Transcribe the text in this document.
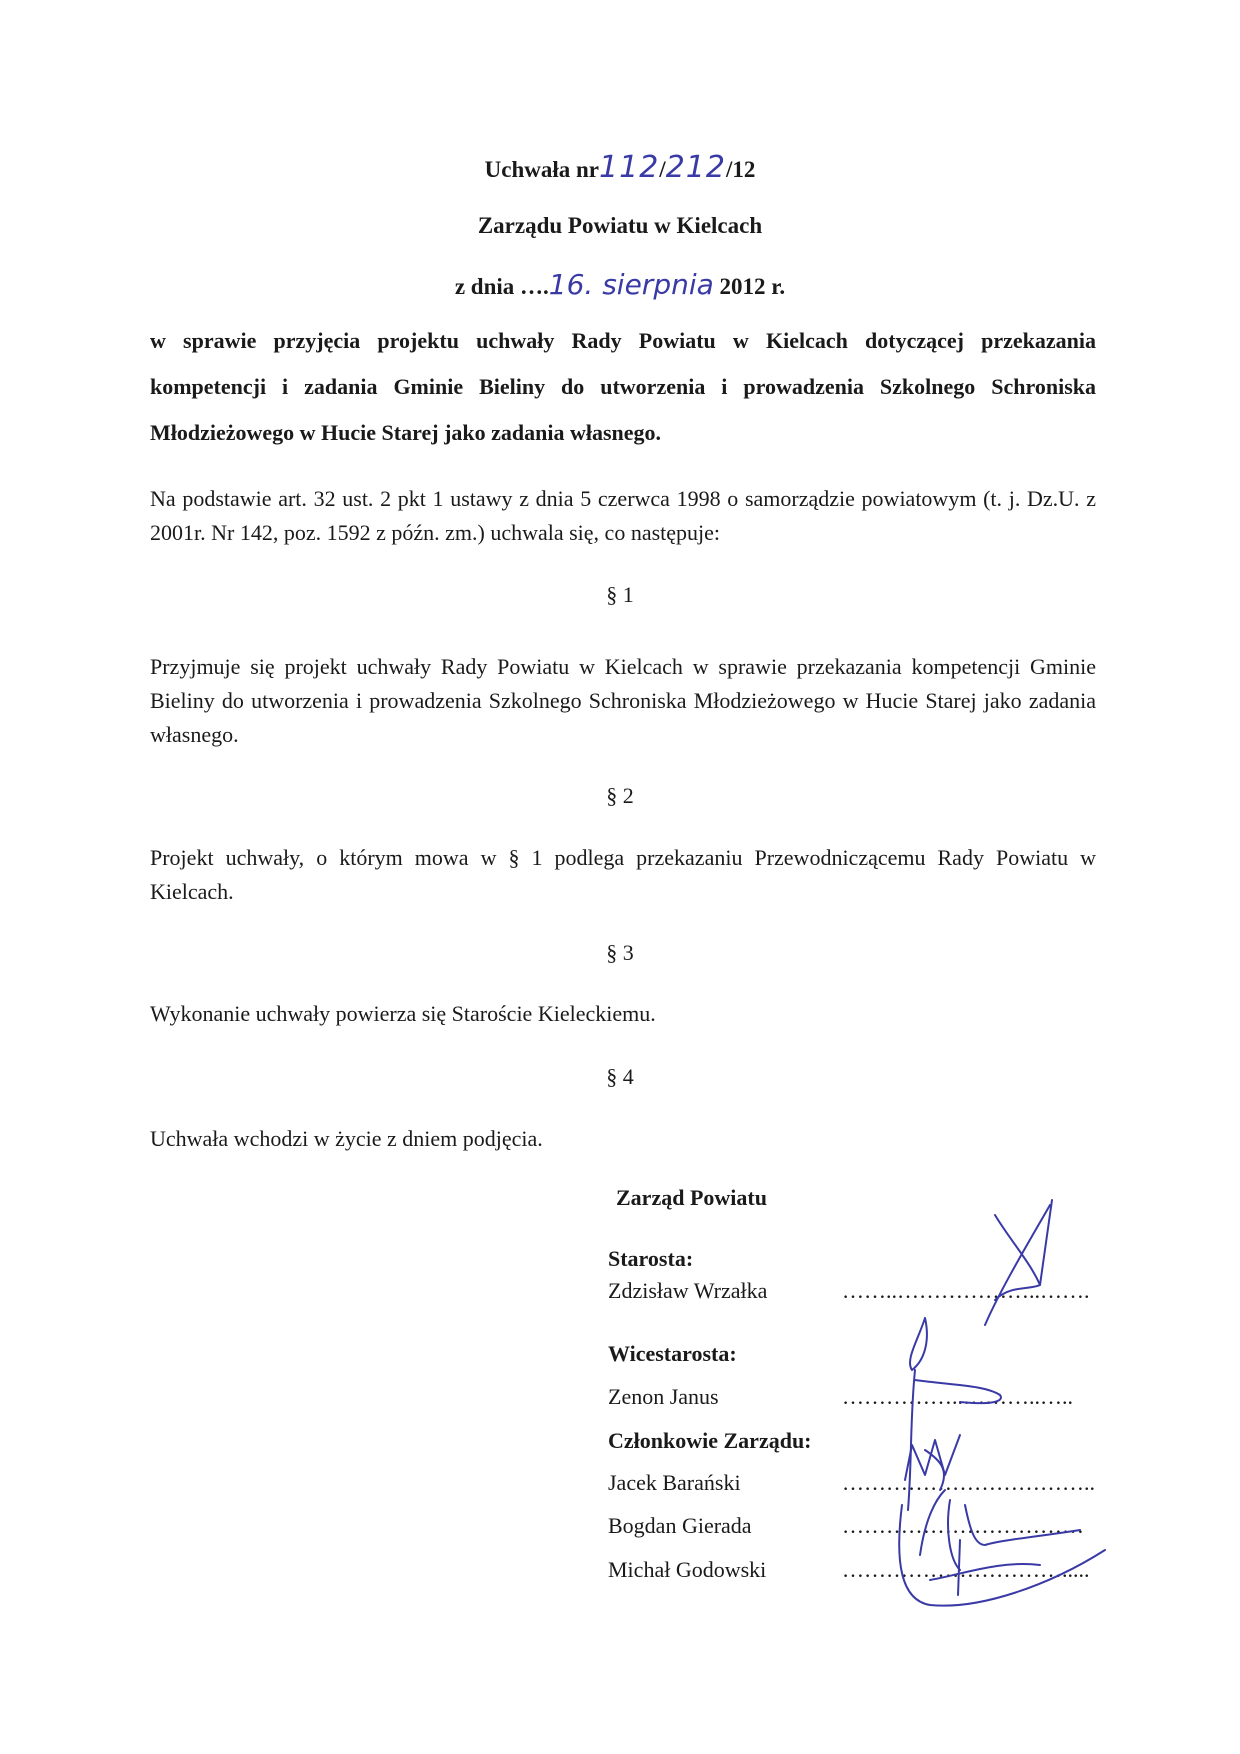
Uchwała nr112/212/12
Zarządu Powiatu w Kielcach
z dnia ….16. sierpnia 2012 r.
w sprawie przyjęcia projektu uchwały Rady Powiatu w Kielcach dotyczącej przekazania kompetencji i zadania Gminie Bieliny do utworzenia i prowadzenia Szkolnego Schroniska Młodzieżowego w Hucie Starej jako zadania własnego.
Na podstawie art. 32 ust. 2 pkt 1 ustawy z dnia 5 czerwca 1998 o samorządzie powiatowym (t. j. Dz.U. z 2001r. Nr 142, poz. 1592 z późn. zm.) uchwala się, co następuje:
§ 1
Przyjmuje się projekt uchwały Rady Powiatu w Kielcach w sprawie przekazania kompetencji Gminie Bieliny do utworzenia i prowadzenia Szkolnego Schroniska Młodzieżowego w Hucie Starej jako zadania własnego.
§ 2
Projekt uchwały, o którym mowa w § 1 podlega przekazaniu Przewodniczącemu Rady Powiatu w Kielcach.
§ 3
Wykonanie uchwały powierza się Staroście Kieleckiemu.
§ 4
Uchwała wchodzi w życie z dniem podjęcia.
Zarząd Powiatu
Starosta:
Zdzisław Wrzałka	……..………………..…….
Wicestarosta:
Zenon Janus	……………..………..…..
Członkowie Zarządu:
Jacek Barański	……………………………..
Bogdan Gierada	……………………………
Michał Godowski	………………………….....
